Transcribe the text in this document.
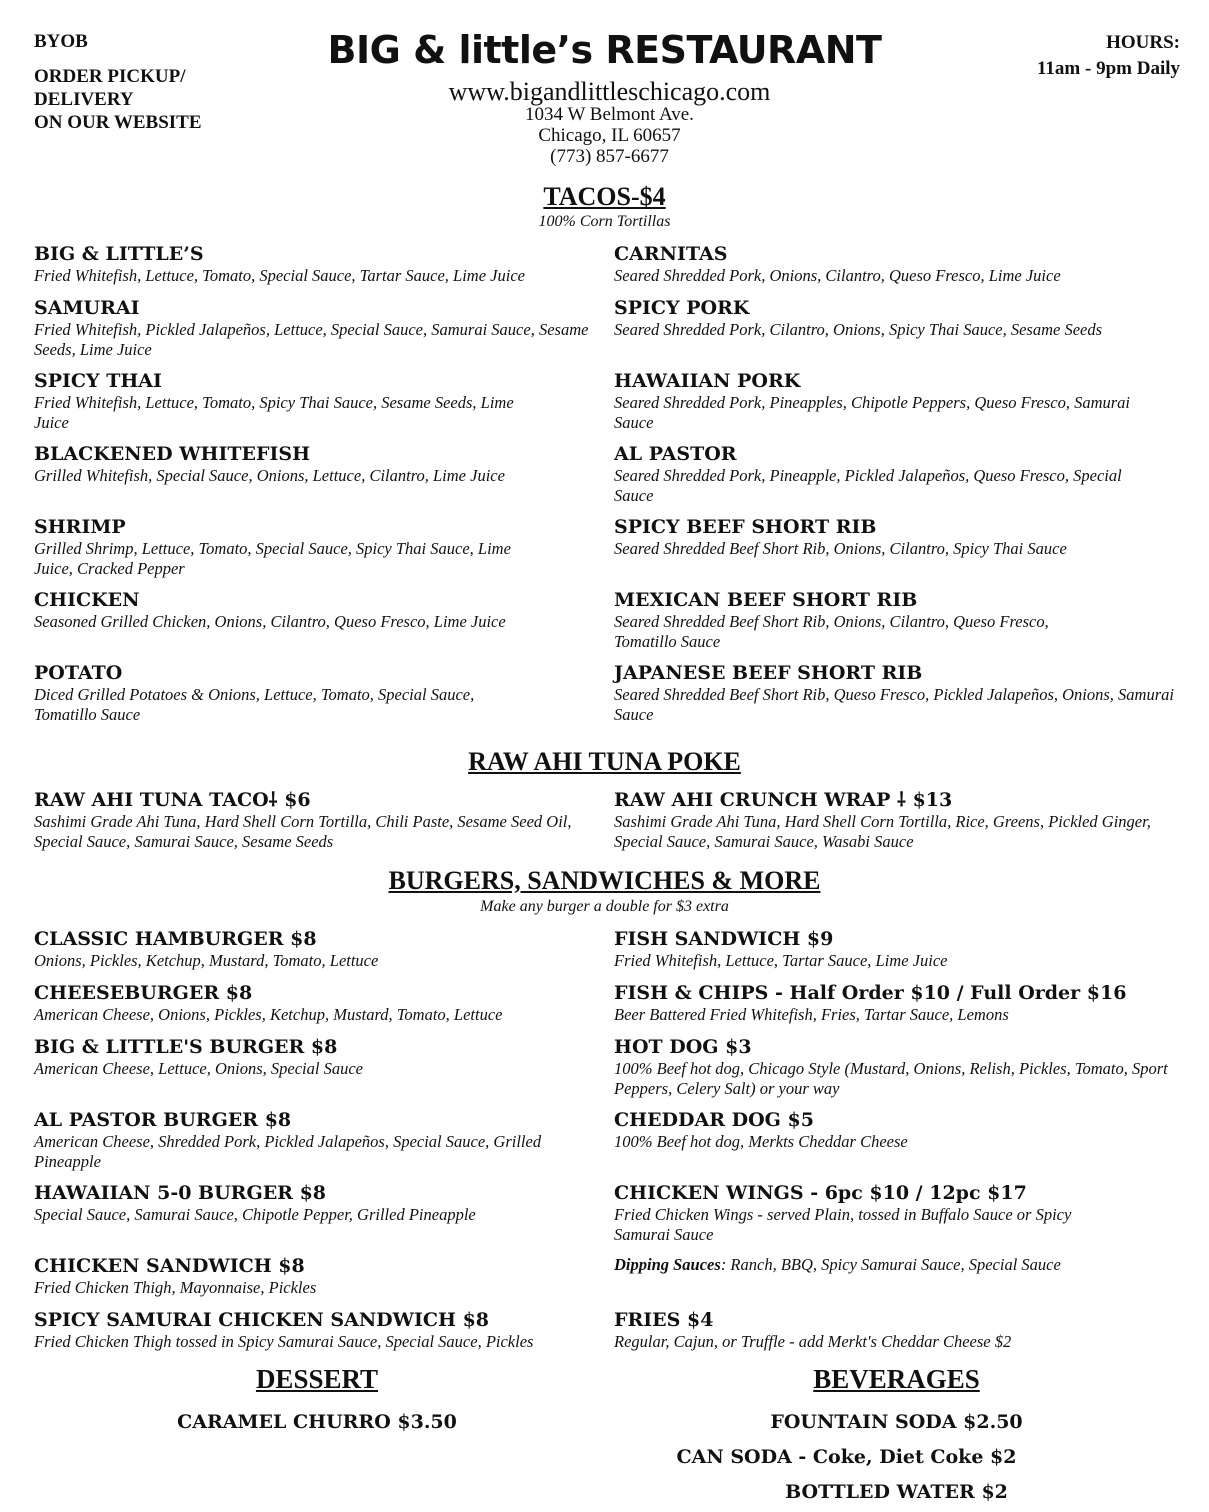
BYOB
ORDER PICKUP/
DELIVERY
ON OUR WEBSITE
BIG & little’s RESTAURANT
www.bigandlittleschicago.com
1034 W Belmont Ave.
Chicago, IL 60657
(773) 857-6677
HOURS:
11am - 9pm Daily
TACOS-$4
100% Corn Tortillas
BIG & LITTLE’S
Fried Whitefish, Lettuce, Tomato, Special Sauce, Tartar Sauce, Lime Juice
SAMURAI
Fried Whitefish, Pickled Jalapeños, Lettuce, Special Sauce, Samurai Sauce, Sesame Seeds, Lime Juice
SPICY THAI
Fried Whitefish, Lettuce, Tomato, Spicy Thai Sauce, Sesame Seeds, Lime Juice
BLACKENED WHITEFISH
Grilled Whitefish, Special Sauce, Onions, Lettuce, Cilantro, Lime Juice
SHRIMP
Grilled Shrimp, Lettuce, Tomato, Special Sauce, Spicy Thai Sauce, Lime Juice, Cracked Pepper
CHICKEN
Seasoned Grilled Chicken, Onions, Cilantro, Queso Fresco, Lime Juice
POTATO
Diced Grilled Potatoes & Onions, Lettuce, Tomato, Special Sauce, Tomatillo Sauce
CARNITAS
Seared Shredded Pork, Onions, Cilantro, Queso Fresco, Lime Juice
SPICY PORK
Seared Shredded Pork, Cilantro, Onions, Spicy Thai Sauce, Sesame Seeds
HAWAIIAN PORK
Seared Shredded Pork, Pineapples, Chipotle Peppers, Queso Fresco, Samurai Sauce
AL PASTOR
Seared Shredded Pork, Pineapple, Pickled Jalapeños, Queso Fresco, Special Sauce
SPICY BEEF SHORT RIB
Seared Shredded Beef Short Rib, Onions, Cilantro, Spicy Thai Sauce
MEXICAN BEEF SHORT RIB
Seared Shredded Beef Short Rib, Onions, Cilantro, Queso Fresco, Tomatillo Sauce
JAPANESE BEEF SHORT RIB
Seared Shredded Beef Short Rib, Queso Fresco, Pickled Jalapeños, Onions, Samurai Sauce
RAW AHI TUNA POKE
RAW AHI TUNA TACO⸸ $6
Sashimi Grade Ahi Tuna, Hard Shell Corn Tortilla, Chili Paste, Sesame Seed Oil, Special Sauce, Samurai Sauce, Sesame Seeds
RAW AHI CRUNCH WRAP ⸸ $13
Sashimi Grade Ahi Tuna, Hard Shell Corn Tortilla, Rice, Greens, Pickled Ginger, Special Sauce, Samurai Sauce, Wasabi Sauce
BURGERS, SANDWICHES & MORE
Make any burger a double for $3 extra
CLASSIC HAMBURGER $8
Onions, Pickles, Ketchup, Mustard, Tomato, Lettuce
CHEESEBURGER $8
American Cheese, Onions, Pickles, Ketchup, Mustard, Tomato, Lettuce
BIG & LITTLE'S BURGER $8
American Cheese, Lettuce, Onions, Special Sauce
AL PASTOR BURGER $8
American Cheese, Shredded Pork, Pickled Jalapeños, Special Sauce, Grilled Pineapple
HAWAIIAN 5-0 BURGER $8
Special Sauce, Samurai Sauce, Chipotle Pepper, Grilled Pineapple
CHICKEN SANDWICH $8
Fried Chicken Thigh, Mayonnaise, Pickles
SPICY SAMURAI CHICKEN SANDWICH $8
Fried Chicken Thigh tossed in Spicy Samurai Sauce, Special Sauce, Pickles
FISH SANDWICH $9
Fried Whitefish, Lettuce, Tartar Sauce, Lime Juice
FISH & CHIPS - Half Order $10 / Full Order $16
Beer Battered Fried Whitefish, Fries, Tartar Sauce, Lemons
HOT DOG $3
100% Beef hot dog, Chicago Style (Mustard, Onions, Relish, Pickles, Tomato, Sport Peppers, Celery Salt) or your way
CHEDDAR DOG $5
100% Beef hot dog, Merkts Cheddar Cheese
CHICKEN WINGS - 6pc $10 / 12pc $17
Fried Chicken Wings - served Plain, tossed in Buffalo Sauce or Spicy Samurai Sauce
Dipping Sauces: Ranch, BBQ, Spicy Samurai Sauce, Special Sauce
FRIES $4
Regular, Cajun, or Truffle - add Merkt's Cheddar Cheese $2
DESSERT
CARAMEL CHURRO $3.50
BEVERAGES
FOUNTAIN SODA $2.50
CAN SODA - Coke, Diet Coke $2
BOTTLED WATER $2
